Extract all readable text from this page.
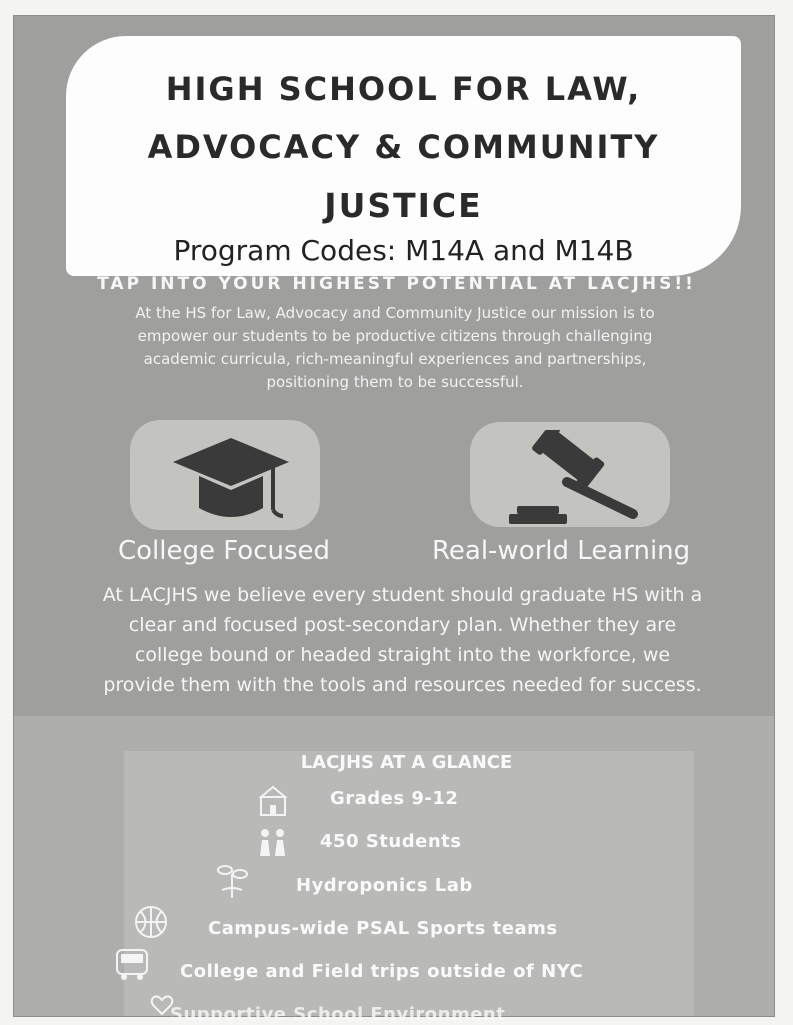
HIGH SCHOOL FOR LAW,
ADVOCACY & COMMUNITY
JUSTICE
Program Codes: M14A and M14B
TAP INTO YOUR HIGHEST POTENTIAL AT LACJHS!!
At the HS for Law, Advocacy and Community Justice our mission is to empower our students to be productive citizens through challenging academic curricula, rich-meaningful experiences and partnerships, positioning them to be successful.
College Focused	Real-world Learning
At LACJHS we believe every student should graduate HS with a clear and focused post-secondary plan. Whether they are college bound or headed straight into the workforce, we provide them with the tools and resources needed for success.
LACJHS AT A GLANCE
Grades 9-12
450 Students
Hydroponics Lab
Campus-wide PSAL Sports teams
College and Field trips outside of NYC
Supportive School Environment
